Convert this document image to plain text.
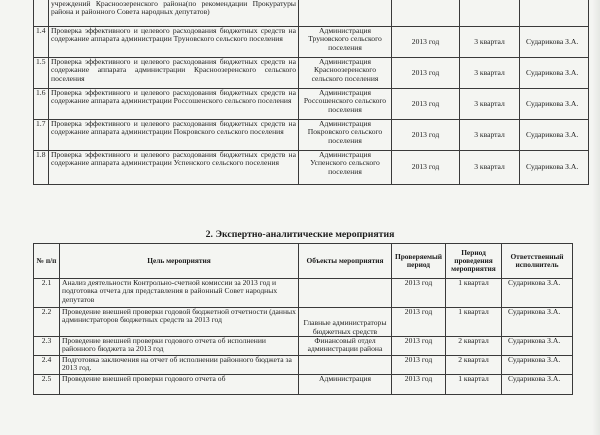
	учреждений Красноозеренского района(по рекомендации Прокуратуры района и районного Совета народных депутатов)				
1.4	Проверка эффективного и целевого расходования бюджетных средств на содержание аппарата администрации Труновского сельского поселения	Администрация Труновского сельского поселения	2013 год	3 квартал	Сударикова З.А.
1.5	Проверка эффективного и целевого расходования бюджетных средств на содержание аппарата администрации Красноозеренского сельского поселения	Администрация Красноозеренского сельского поселения	2013 год	3 квартал	Сударикова З.А.
1.6	Проверка эффективного и целевого расходования бюджетных средств на содержание аппарата администрации Россошенского сельского поселения	Администрация Россошенского сельского поселения	2013 год	3 квартал	Сударикова З.А.
1.7	Проверка эффективного и целевого расходования бюджетных средств на содержание аппарата администрации Покровского сельского поселения	Администрация Покровского сельского поселения	2013 год	3 квартал	Сударикова З.А.
1.8	Проверка эффективного и целевого расходования бюджетных средств на содержание аппарата администрации Успенского сельского поселения	Администрация Успенского сельского поселения	2013 год	3 квартал	Сударикова З.А.
2. Экспертно-аналитические мероприятия
№ п/п	Цель мероприятия	Объекты мероприятия	Проверяемый период	Период проведения мероприятия	Ответственный исполнитель
2.1	Анализ деятельности Контрольно-счетной комиссии за 2013 год и подготовка отчета для представления в районный Совет народных депутатов		2013 год	1 квартал	Сударикова З.А.
2.2	Проведение внешней проверки годовой бюджетной отчетности (данных администраторов бюджетных средств за 2013 год	Главные администраторы бюджетных средств	2013 год	1 квартал	Сударикова З.А.
2.3	Проведение внешней проверки годового отчета об исполнении районного бюджета за 2013 год	Финансовый отдел администрации района	2013 год	2 квартал	Сударикова З.А.
2.4	Подготовка заключения на отчет об исполнении районного бюджета за 2013 год.		2013 год	2 квартал	Сударикова З.А.
2.5	Проведение внешней проверки годового отчета об	Администрация	2013 год	1 квартал	Сударикова З.А.
